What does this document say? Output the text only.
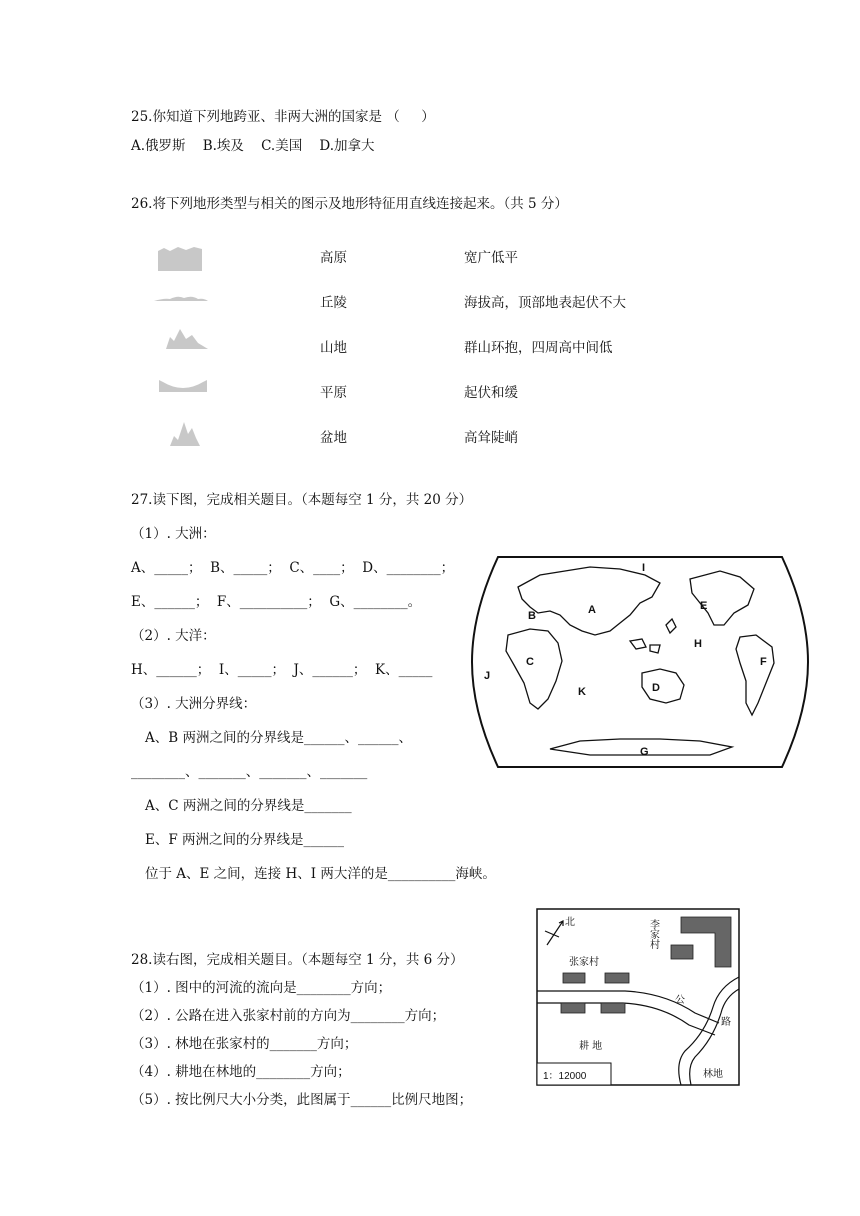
25.你知道下列地跨亚、非两大洲的国家是 （     ）
A.俄罗斯    B.埃及    C.美国    D.加拿大
26.将下列地形类型与相关的图示及地形特征用直线连接起来。（共 5 分）
高原
丘陵
山地
平原
盆地
宽广低平
海拔高，顶部地表起伏不大
群山环抱，四周高中间低
起伏和缓
高耸陡峭
27.读下图，完成相关题目。（本题每空 1 分，共 20 分）
（1）. 大洲：
A、_____；  B、_____；  C、____；  D、________；
E、______；  F、__________；  G、________。
（2）. 大洋：
H、______；  I、_____；  J、______；  K、_____
（3）. 大洲分界线：
A、B 两洲之间的分界线是______、______、
________、_______、_______、_______
A、C 两洲之间的分界线是_______
E、F 两洲之间的分界线是______
位于 A、E 之间，连接 H、I 两大洋的是__________海峡。
A
B
C
D
E
F
G
H
I
J
K
28.读右图，完成相关题目。（本题每空 1 分，共 6 分）
（1）. 图中的河流的流向是________方向；
（2）. 公路在进入张家村前的方向为________方向；
（3）. 林地在张家村的_______方向；
（4）. 耕地在林地的________方向；
（5）. 按比例尺大小分类，此图属于______比例尺地图；
北	李家村
张家村
公
路
耕 地
林地
1：12000
